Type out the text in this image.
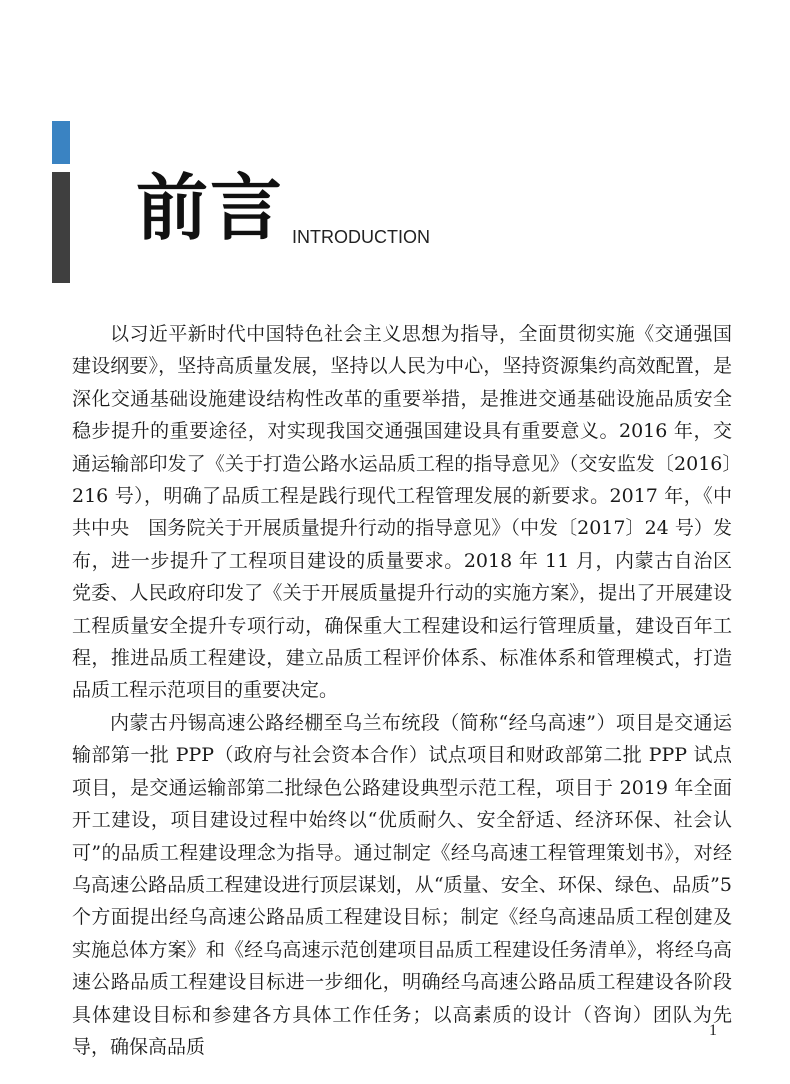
前言 INTRODUCTION

以习近平新时代中国特色社会主义思想为指导，全面贯彻实施《交通强国建设纲要》，坚持高质量发展，坚持以人民为中心，坚持资源集约高效配置，是深化交通基础设施建设结构性改革的重要举措，是推进交通基础设施品质安全稳步提升的重要途径，对实现我国交通强国建设具有重要意义。2016 年，交通运输部印发了《关于打造公路水运品质工程的指导意见》（交安监发〔2016〕216 号），明确了品质工程是践行现代工程管理发展的新要求。2017 年，《中共中央　国务院关于开展质量提升行动的指导意见》（中发〔2017〕24 号）发布，进一步提升了工程项目建设的质量要求。2018 年 11 月，内蒙古自治区党委、人民政府印发了《关于开展质量提升行动的实施方案》，提出了开展建设工程质量安全提升专项行动，确保重大工程建设和运行管理质量，建设百年工程，推进品质工程建设，建立品质工程评价体系、标准体系和管理模式，打造品质工程示范项目的重要决定。

内蒙古丹锡高速公路经棚至乌兰布统段（简称“经乌高速”）项目是交通运输部第一批 PPP（政府与社会资本合作）试点项目和财政部第二批 PPP 试点项目，是交通运输部第二批绿色公路建设典型示范工程，项目于 2019 年全面开工建设，项目建设过程中始终以“优质耐久、安全舒适、经济环保、社会认可”的品质工程建设理念为指导。通过制定《经乌高速工程管理策划书》，对经乌高速公路品质工程建设进行顶层谋划，从“质量、安全、环保、绿色、品质”5 个方面提出经乌高速公路品质工程建设目标；制定《经乌高速品质工程创建及实施总体方案》和《经乌高速示范创建项目品质工程建设任务清单》，将经乌高速公路品质工程建设目标进一步细化，明确经乌高速公路品质工程建设各阶段具体建设目标和参建各方具体工作任务；以高素质的设计（咨询）团队为先导，确保高品质

1
